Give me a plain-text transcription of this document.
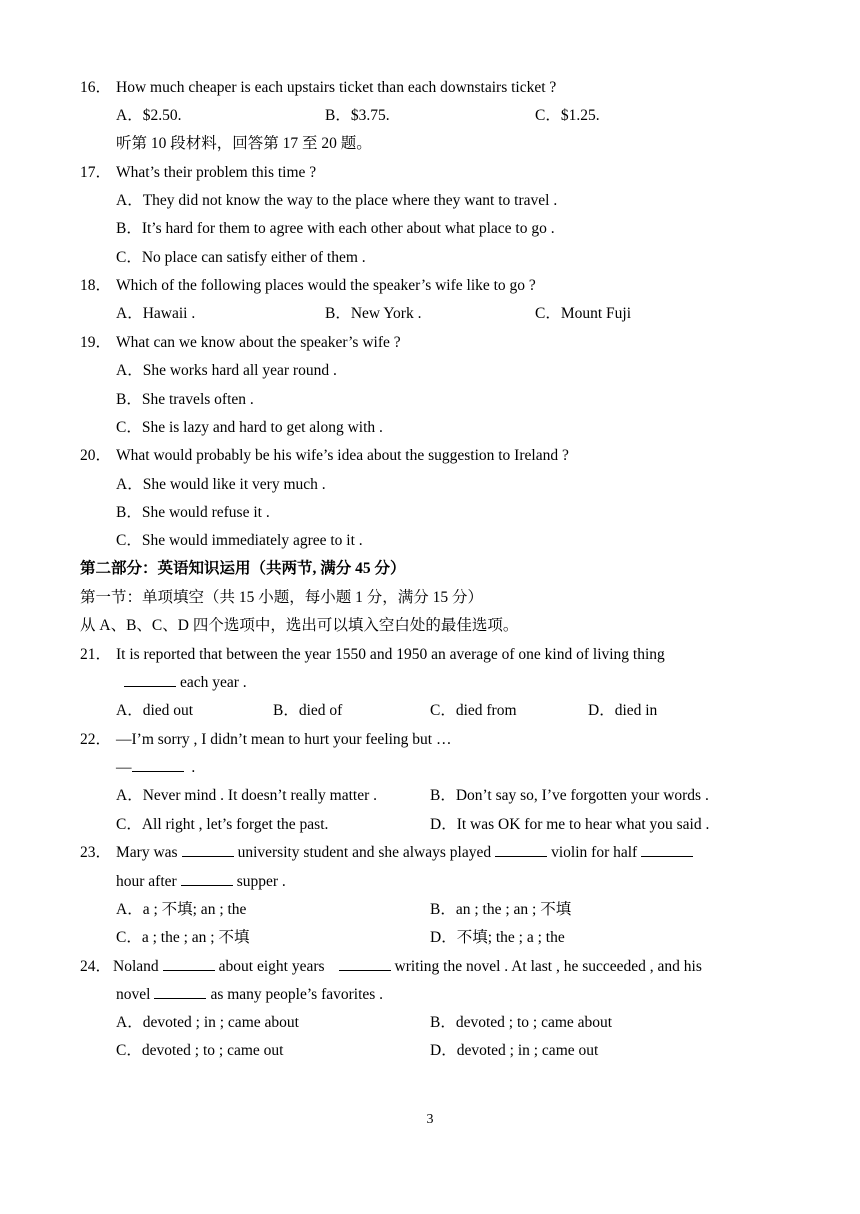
16． How much cheaper is each upstairs ticket than each downstairs ticket ?
A．$2.50.	B．$3.75.	C．$1.25.
听第 10 段材料，回答第 17 至 20 题。
17． What’s their problem this time ?
A．They did not know the way to the place where they want to travel .
B．It’s hard for them to agree with each other about what place to go .
C．No place can satisfy either of them .
18． Which of the following places would the speaker’s wife like to go ?
A．Hawaii .	B．New York .	C．Mount Fuji
19． What can we know about the speaker’s wife ?
A．She works hard all year round .
B．She travels often .
C．She is lazy and hard to get along with .
20． What would probably be his wife’s idea about the suggestion to Ireland ?
A．She would like it very much .
B．She would refuse it .
C．She would immediately agree to it .
第二部分：英语知识运用（共两节, 满分 45 分）
第一节：单项填空（共 15 小题，每小题 1 分，满分 15 分）
从 A、B、C、D 四个选项中，选出可以填入空白处的最佳选项。
21． It is reported that between the year 1550 and 1950 an average of one kind of living thing
each year .
A．died out	B．died of	C．died from	D．died in
22． —I’m sorry , I didn’t mean to hurt your feeling but …
—	.
A．Never mind . It doesn’t really matter .	B．Don’t say so, I’ve forgotten your words .
C．All right , let’s forget the past.	D．It was OK for me to hear what you said .
23． Mary was	university student and she always played	violin for half
hour after	supper .
A．a ; 不填; an ; the	B．an ; the ; an ; 不填
C．a ; the ; an ; 不填	D．不填; the ; a ; the
24． Noland	about eight years	writing the novel . At last , he succeeded , and his
novel	as many people’s favorites .
A．devoted ; in ; came about	B．devoted ; to ; came about
C．devoted ; to ; came out	D．devoted ; in ; came out
3
